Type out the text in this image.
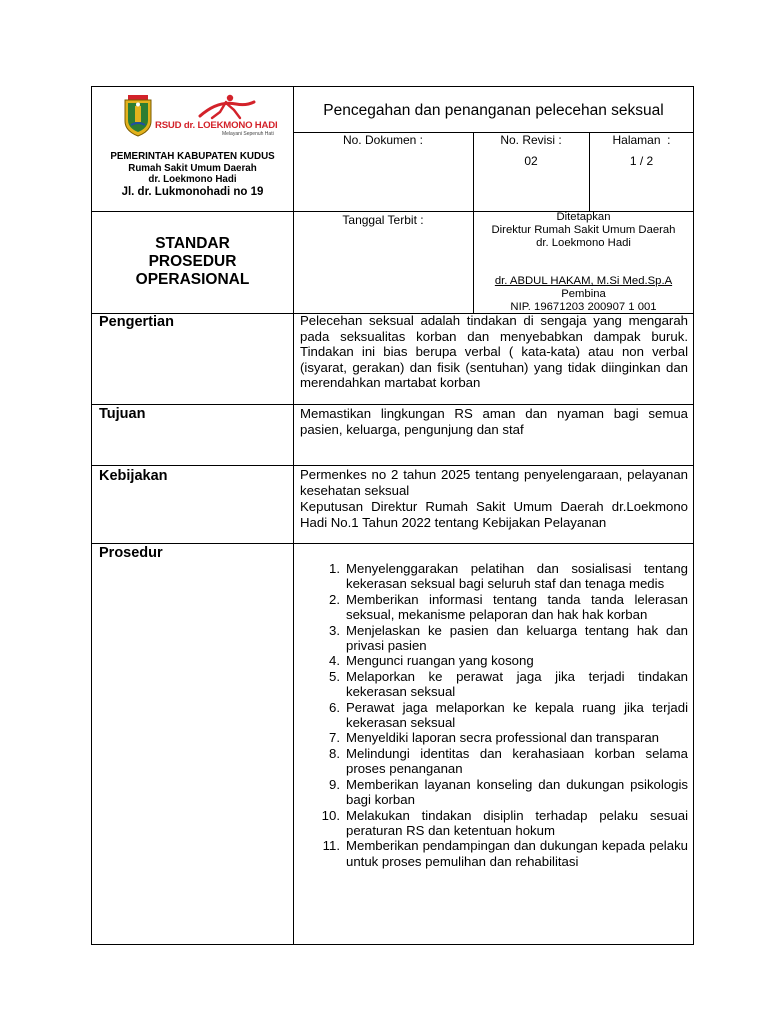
RSUD dr. LOEKMONO HADI
Melayani Sepenuh Hati
PEMERINTAH KABUPATEN KUDUS
Rumah Sakit Umum Daerah
dr. Loekmono Hadi
Jl. dr. Lukmonohadi no 19
Pencegahan dan penanganan pelecehan seksual
No. Dokumen :	No. Revisi :
02
Halaman  :
1 / 2
STANDAR
PROSEDUR
OPERASIONAL
Tanggal Terbit :	Ditetapkan
Direktur Rumah Sakit Umum Daerah
dr. Loekmono Hadi
dr. ABDUL HAKAM, M.Si Med.Sp.A
Pembina
NIP. 19671203 200907 1 001
Pengertian	Pelecehan seksual adalah tindakan di sengaja yang mengarah pada seksualitas korban dan menyebabkan dampak buruk. Tindakan ini bias berupa verbal ( kata-kata) atau non verbal (isyarat, gerakan) dan fisik (sentuhan) yang tidak diinginkan dan merendahkan martabat korban
Tujuan	Memastikan lingkungan RS aman dan nyaman bagi semua pasien, keluarga, pengunjung dan staf
Kebijakan	Permenkes no 2 tahun 2025 tentang penyelengaraan, pelayanan kesehatan seksual
Keputusan Direktur Rumah Sakit Umum Daerah dr.Loekmono Hadi No.1 Tahun 2022 tentang Kebijakan Pelayanan
Prosedur
1. Menyelenggarakan pelatihan dan sosialisasi tentang kekerasan seksual bagi seluruh staf dan tenaga medis
2. Memberikan informasi tentang tanda tanda lelerasan seksual, mekanisme pelaporan dan hak hak korban
3. Menjelaskan ke pasien dan keluarga tentang hak dan privasi pasien
4. Mengunci ruangan yang kosong
5. Melaporkan ke perawat jaga jika terjadi tindakan kekerasan seksual
6. Perawat jaga melaporkan ke kepala ruang jika terjadi kekerasan seksual
7. Menyeldiki laporan secra professional dan transparan
8. Melindungi identitas dan kerahasiaan korban selama proses penanganan
9. Memberikan layanan konseling dan dukungan psikologis bagi korban
10. Melakukan tindakan disiplin terhadap pelaku sesuai peraturan RS dan ketentuan hokum
11. Memberikan pendampingan dan dukungan kepada pelaku untuk proses pemulihan dan rehabilitasi
